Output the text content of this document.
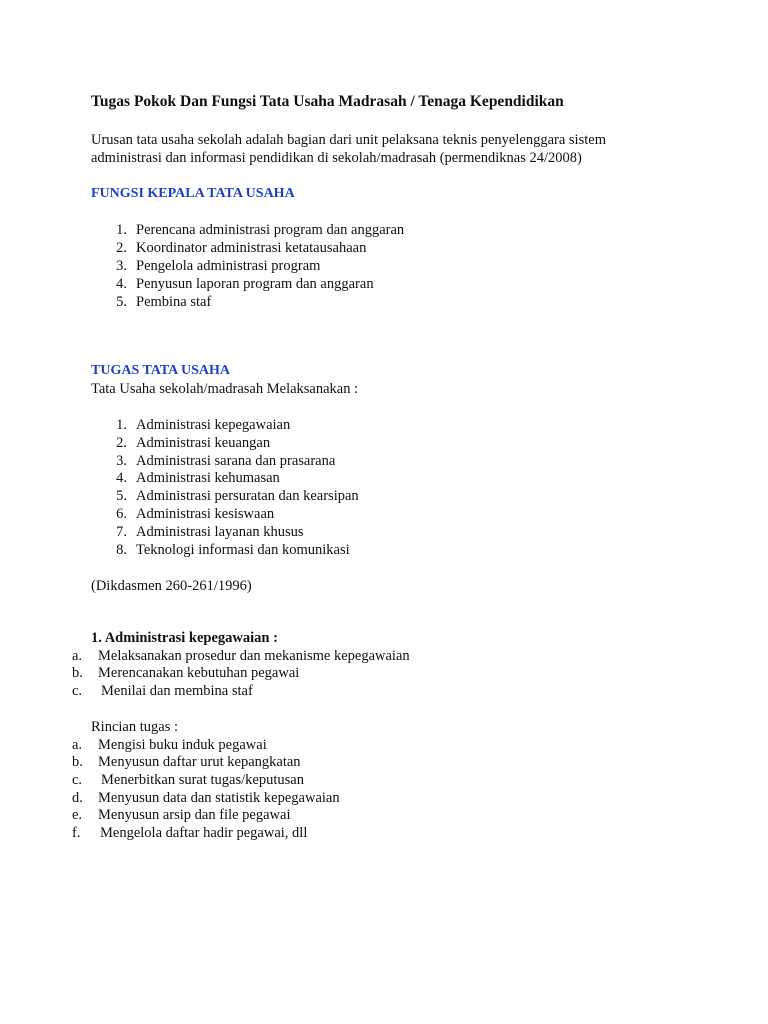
Tugas Pokok Dan Fungsi Tata Usaha Madrasah / Tenaga Kependidikan
Urusan tata usaha sekolah adalah bagian dari unit pelaksana teknis penyelenggara sistem
administrasi dan informasi pendidikan di sekolah/madrasah (permendiknas 24/2008)
FUNGSI KEPALA TATA USAHA
1. Perencana administrasi program dan anggaran
2. Koordinator administrasi ketatausahaan
3. Pengelola administrasi program
4. Penyusun laporan program dan anggaran
5. Pembina staf
TUGAS TATA USAHA
Tata Usaha sekolah/madrasah Melaksanakan :
1. Administrasi kepegawaian
2. Administrasi keuangan
3. Administrasi sarana dan prasarana
4. Administrasi kehumasan
5. Administrasi persuratan dan kearsipan
6. Administrasi kesiswaan
7. Administrasi layanan khusus
8. Teknologi informasi dan komunikasi
(Dikdasmen 260-261/1996)
1. Administrasi kepegawaian :
a. Melaksanakan prosedur dan mekanisme kepegawaian
b. Merencanakan kebutuhan pegawai
c. Menilai dan membina staf
Rincian tugas :
a. Mengisi buku induk pegawai
b. Menyusun daftar urut kepangkatan
c. Menerbitkan surat tugas/keputusan
d. Menyusun data dan statistik kepegawaian
e. Menyusun arsip dan file pegawai
f. Mengelola daftar hadir pegawai, dll
